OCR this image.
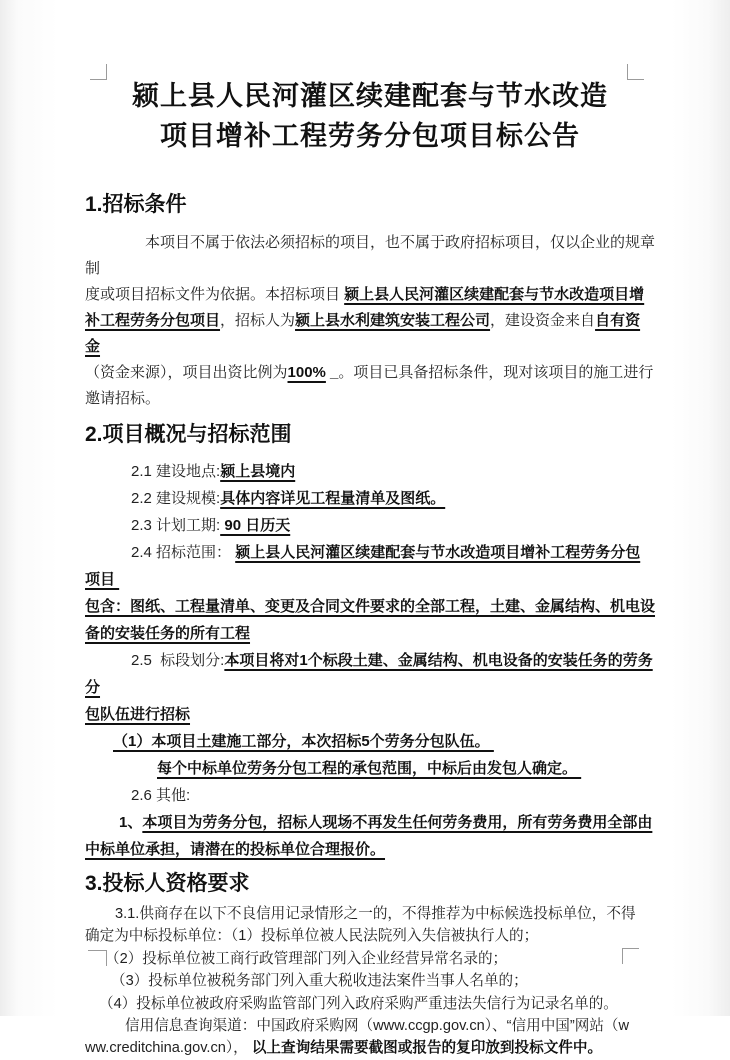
颍上县人民河灌区续建配套与节水改造
项目增补工程劳务分包项目标公告
1.招标条件
本项目不属于依法必须招标的项目，也不属于政府招标项目，仅以企业的规章制
度或项目招标文件为依据。本招标项目 颍上县人民河灌区续建配套与节水改造项目增
补工程劳务分包项目，招标人为颍上县水利建筑安装工程公司，建设资金来自自有资金
（资金来源），项目出资比例为100% _。项目已具备招标条件，现对该项目的施工进行
邀请招标。
2.项目概况与招标范围
2.1 建设地点:颍上县境内
2.2 建设规模:具体内容详见工程量清单及图纸。
2.3 计划工期: 90 日历天
2.4 招标范围： 颍上县人民河灌区续建配套与节水改造项目增补工程劳务分包项目
包含：图纸、工程量清单、变更及合同文件要求的全部工程，土建、金属结构、机电设
备的安装任务的所有工程
2.5  标段划分:本项目将对1个标段土建、金属结构、机电设备的安装任务的劳务分
包队伍进行招标
（1）本项目土建施工部分，本次招标5个劳务分包队伍。
每个中标单位劳务分包工程的承包范围，中标后由发包人确定。
2.6 其他:
1、本项目为劳务分包，招标人现场不再发生任何劳务费用，所有劳务费用全部由
中标单位承担，请潜在的投标单位合理报价。
3.投标人资格要求
3.1.供商存在以下不良信用记录情形之一的，不得推荐为中标候选投标单位，不得
确定为中标投标单位：（1）投标单位被人民法院列入失信被执行人的；
（2）投标单位被工商行政管理部门列入企业经营异常名录的；
（3）投标单位被税务部门列入重大税收违法案件当事人名单的；
（4）投标单位被政府采购监管部门列入政府采购严重违法失信行为记录名单的。
信用信息查询渠道：中国政府采购网（www.ccgp.gov.cn）、“信用中国”网站（w
ww.creditchina.gov.cn）， 以上查询结果需要截图或报告的复印放到投标文件中。
